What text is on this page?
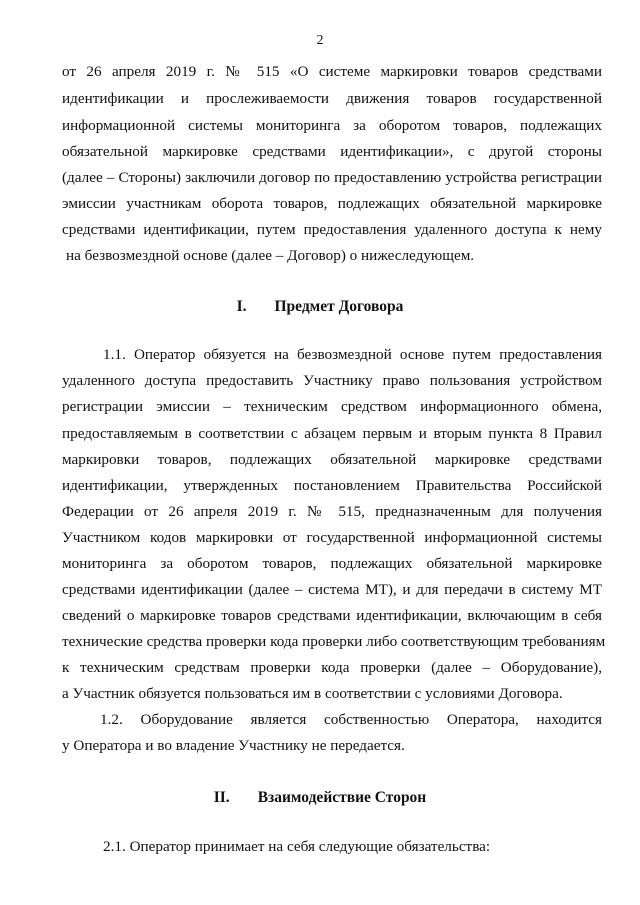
2
от 26 апреля 2019 г. № 515 «О системе маркировки товаров средствами
идентификации и прослеживаемости движения товаров государственной
информационной системы мониторинга за оборотом товаров, подлежащих
обязательной маркировке средствами идентификации», с другой стороны
(далее – Стороны) заключили договор по предоставлению устройства регистрации
эмиссии участникам оборота товаров, подлежащих обязательной маркировке
средствами идентификации, путем предоставления удаленного доступа к нему
на безвозмездной основе (далее – Договор) о нижеследующем.
I. Предмет Договора
1.1. Оператор обязуется на безвозмездной основе путем предоставления
удаленного доступа предоставить Участнику право пользования устройством
регистрации эмиссии – техническим средством информационного обмена,
предоставляемым в соответствии с абзацем первым и вторым пункта 8 Правил
маркировки товаров, подлежащих обязательной маркировке средствами
идентификации, утвержденных постановлением Правительства Российской
Федерации от 26 апреля 2019 г. № 515, предназначенным для получения
Участником кодов маркировки от государственной информационной системы
мониторинга за оборотом товаров, подлежащих обязательной маркировке
средствами идентификации (далее – система МТ), и для передачи в систему МТ
сведений о маркировке товаров средствами идентификации, включающим в себя
технические средства проверки кода проверки либо соответствующим требованиям
к техническим средствам проверки кода проверки (далее – Оборудование),
а Участник обязуется пользоваться им в соответствии с условиями Договора.
1.2. Оборудование является собственностью Оператора, находится
у Оператора и во владение Участнику не передается.
II. Взаимодействие Сторон
2.1. Оператор принимает на себя следующие обязательства:
